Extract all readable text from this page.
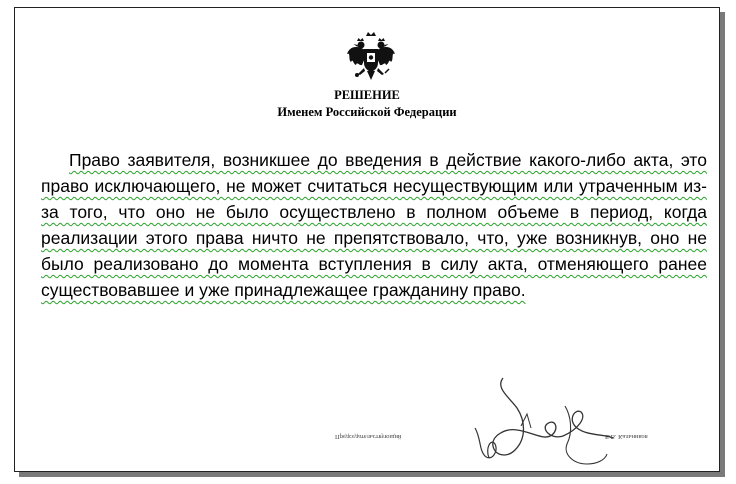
РЕШЕНИЕ
Именем Российской Федерации
Право заявителя, возникшее до введения в действие какого-либо акта, это право исключающего, не может считаться несуществующим или утраченным из-за того, что оно не было осуществлено в полном объеме в период, когда реализации этого права ничто не препятствовало, что, уже возникнув, оно не было реализовано до момента вступления в силу акта, отменяющего ранее существовавшее и уже принадлежащее гражданину право.
Председательствующий	Е.В. Кальников
